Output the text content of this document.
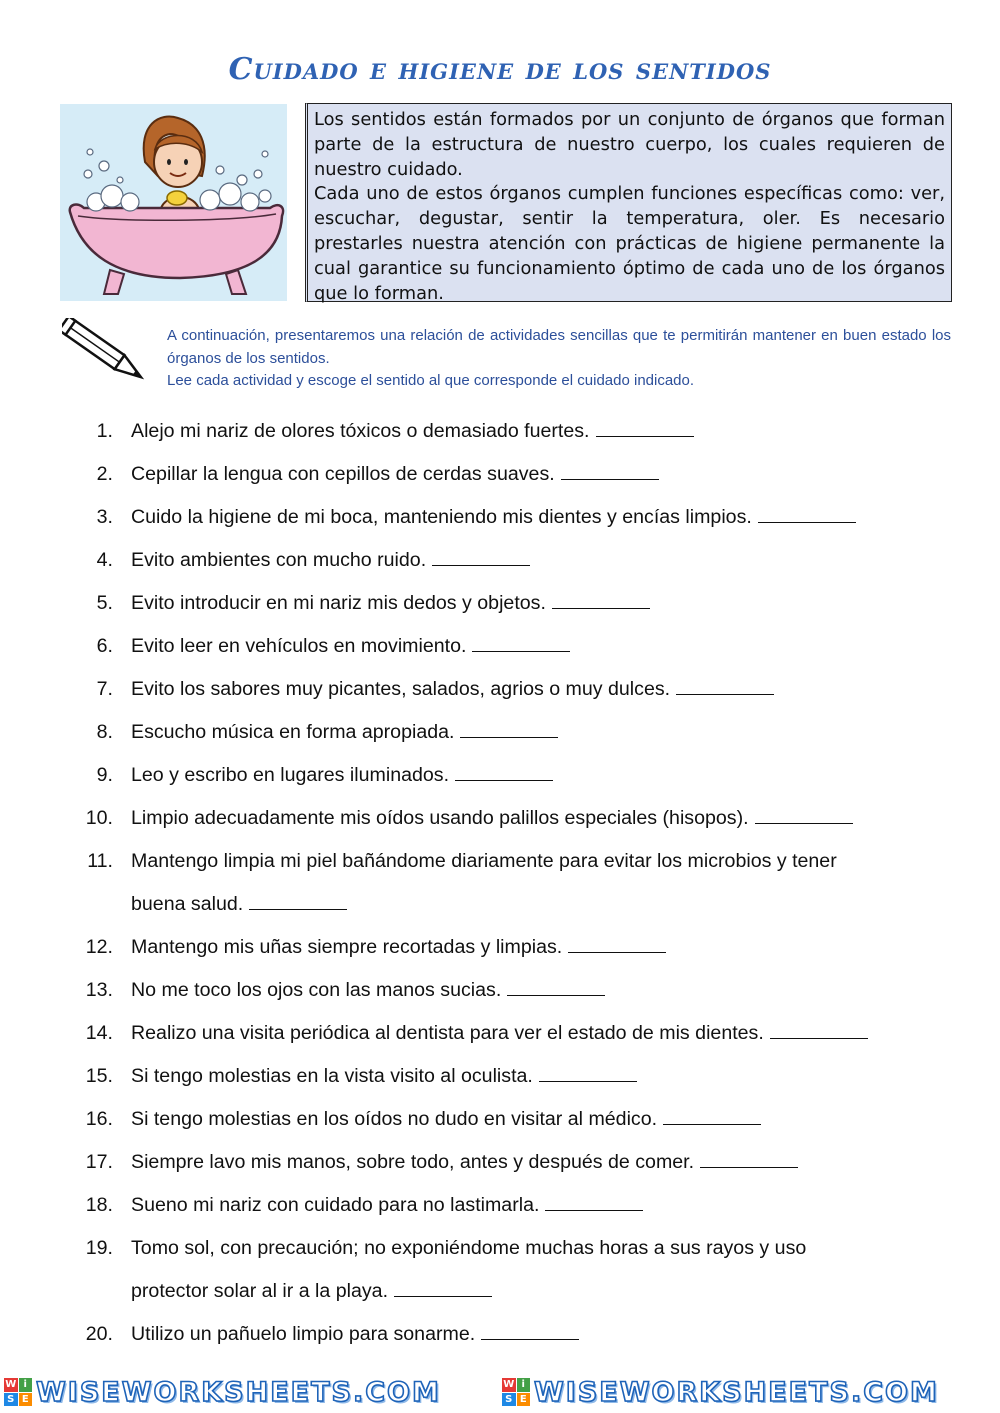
Cuidado e higiene de los sentidos

Los sentidos están formados por un conjunto de órganos que forman parte de la estructura de nuestro cuerpo, los cuales requieren de nuestro cuidado.

Cada uno de estos órganos cumplen funciones específicas como: ver, escuchar, degustar, sentir la temperatura, oler. Es necesario prestarles nuestra atención con prácticas de higiene permanente la cual garantice su funcionamiento óptimo de cada uno de los órganos que lo forman.

A continuación, presentaremos una relación de actividades sencillas que te permitirán mantener en buen estado los órganos de los sentidos.

Lee cada actividad y escoge el sentido al que corresponde el cuidado indicado.

1. Alejo mi nariz de olores tóxicos o demasiado fuertes.
2. Cepillar la lengua con cepillos de cerdas suaves.
3. Cuido la higiene de mi boca, manteniendo mis dientes y encías limpios.
4. Evito ambientes con mucho ruido.
5. Evito introducir en mi nariz mis dedos y objetos.
6. Evito leer en vehículos en movimiento.
7. Evito los sabores muy picantes, salados, agrios o muy dulces.
8. Escucho música en forma apropiada.
9. Leo y escribo en lugares iluminados.
10. Limpio adecuadamente mis oídos usando palillos especiales (hisopos).
11. Mantengo limpia mi piel bañándome diariamente para evitar los microbios y tener
buena salud.
12. Mantengo mis uñas siempre recortadas y limpias.
13. No me toco los ojos con las manos sucias.
14. Realizo una visita periódica al dentista para ver el estado de mis dientes.
15. Si tengo molestias en la vista visito al oculista.
16. Si tengo molestias en los oídos no dudo en visitar al médico.
17. Siempre lavo mis manos, sobre todo, antes y después de comer.
18. Sueno mi nariz con cuidado para no lastimarla.
19. Tomo sol, con precaución; no exponiéndome muchas horas a sus rayos y uso
protector solar al ir a la playa.
20. Utilizo un pañuelo limpio para sonarme.
W i
S E WISEWORKSHEETS.COM	W i
S E WISEWORKSHEETS.COM
